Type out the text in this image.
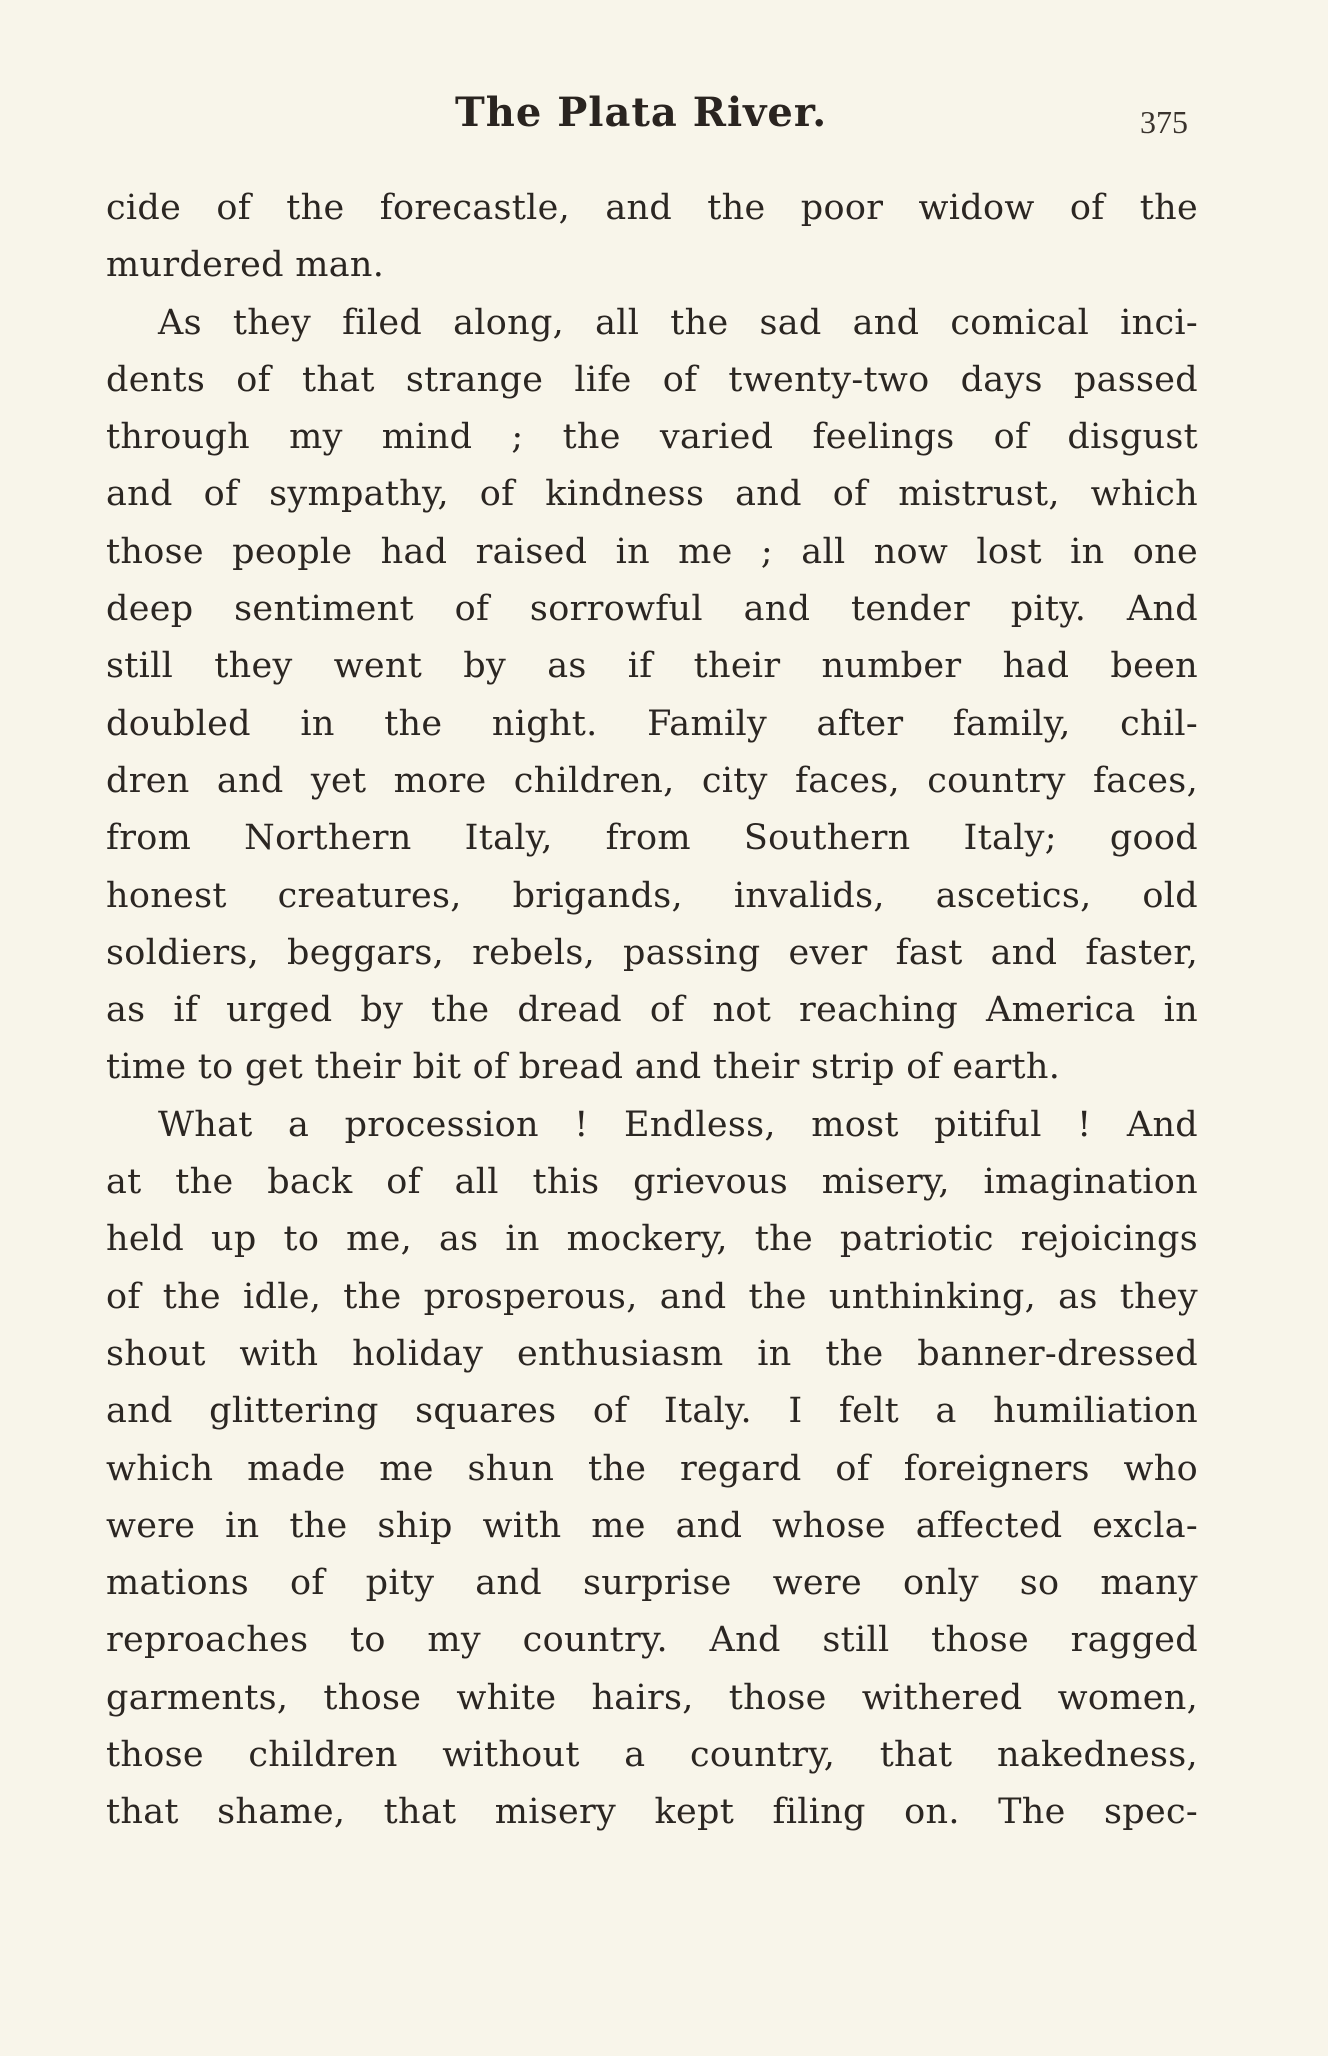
The Plata River.	375
cide of the forecastle, and the poor widow of the
murdered man.
As they filed along, all the sad and comical inci-
dents of that strange life of twenty-two days passed
through my mind ; the varied feelings of disgust
and of sympathy, of kindness and of mistrust, which
those people had raised in me ; all now lost in one
deep sentiment of sorrowful and tender pity. And
still they went by as if their number had been
doubled in the night. Family after family, chil-
dren and yet more children, city faces, country faces,
from Northern Italy, from Southern Italy; good
honest creatures, brigands, invalids, ascetics, old
soldiers, beggars, rebels, passing ever fast and faster,
as if urged by the dread of not reaching America in
time to get their bit of bread and their strip of earth.
What a procession ! Endless, most pitiful ! And
at the back of all this grievous misery, imagination
held up to me, as in mockery, the patriotic rejoicings
of the idle, the prosperous, and the unthinking, as they
shout with holiday enthusiasm in the banner-dressed
and glittering squares of Italy. I felt a humiliation
which made me shun the regard of foreigners who
were in the ship with me and whose affected excla-
mations of pity and surprise were only so many
reproaches to my country. And still those ragged
garments, those white hairs, those withered women,
those children without a country, that nakedness,
that shame, that misery kept filing on. The spec-
